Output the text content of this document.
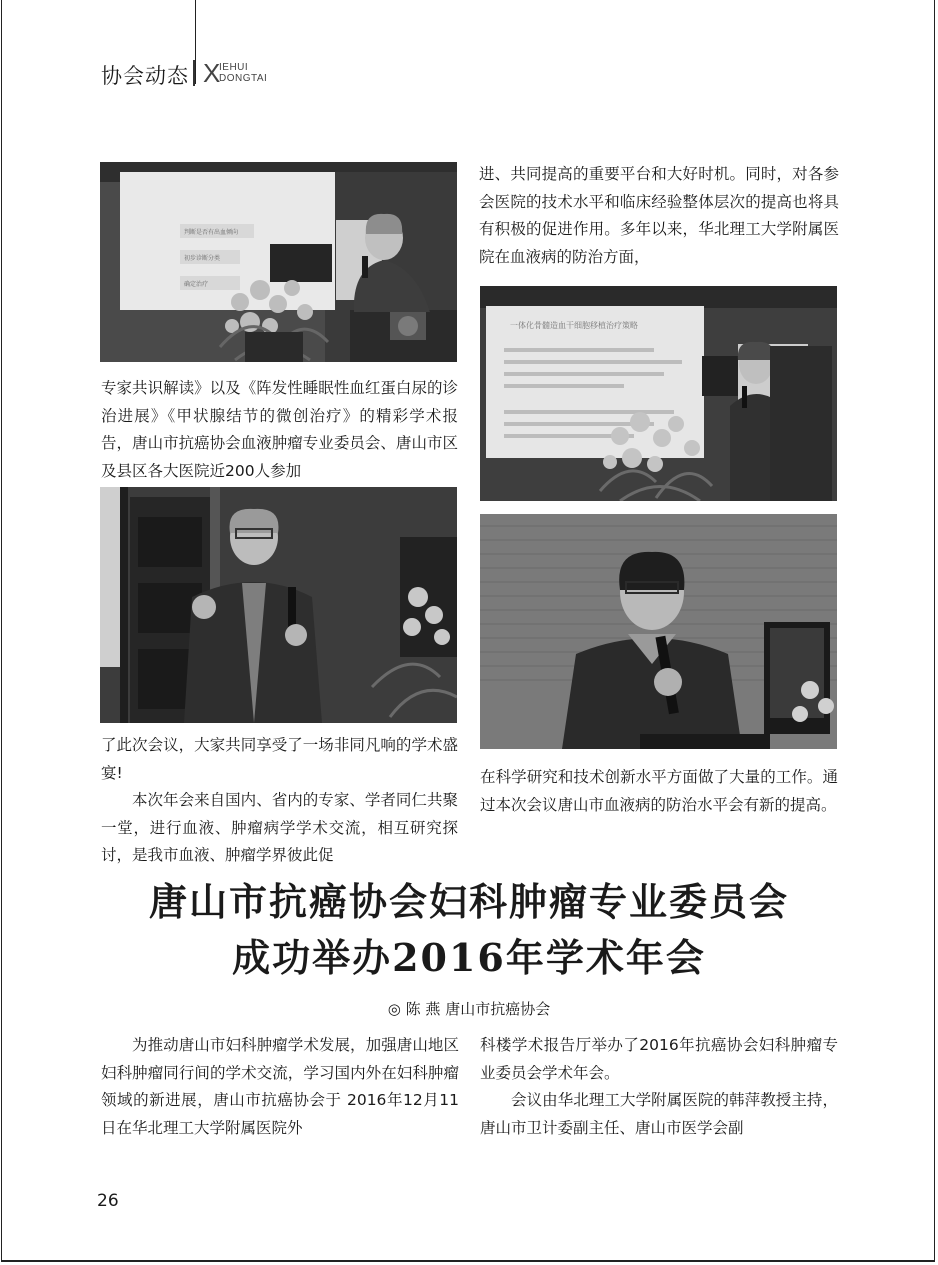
协会动态 X
IEHUI
DONGTAI
判断是否有出血倾向
初步诊断分类
确定治疗
进、共同提高的重要平台和大好时机。同时，对各参会医院的技术水平和临床经验整体层次的提高也将具有积极的促进作用。多年以来，华北理工大学附属医院在血液病的防治方面，
一体化骨髓造血干细胞移植治疗策略
专家共识解读》以及《阵发性睡眠性血红蛋白尿的诊治进展》《甲状腺结节的微创治疗》的精彩学术报告，唐山市抗癌协会血液肿瘤专业委员会、唐山市区及县区各大医院近200人参加

了此次会议，大家共同享受了一场非同凡响的学术盛宴!

本次年会来自国内、省内的专家、学者同仁共聚一堂，进行血液、肿瘤病学学术交流，相互研究探讨，是我市血液、肿瘤学界彼此促

在科学研究和技术创新水平方面做了大量的工作。通过本次会议唐山市血液病的防治水平会有新的提高。
唐山市抗癌协会妇科肿瘤专业委员会
成功举办2016年学术年会
◎ 陈 燕 唐山市抗癌协会

为推动唐山市妇科肿瘤学术发展，加强唐山地区妇科肿瘤同行间的学术交流，学习国内外在妇科肿瘤领域的新进展，唐山市抗癌协会于 2016年12月11日在华北理工大学附属医院外

科楼学术报告厅举办了2016年抗癌协会妇科肿瘤专业委员会学术年会。

会议由华北理工大学附属医院的韩萍教授主持，唐山市卫计委副主任、唐山市医学会副

26
